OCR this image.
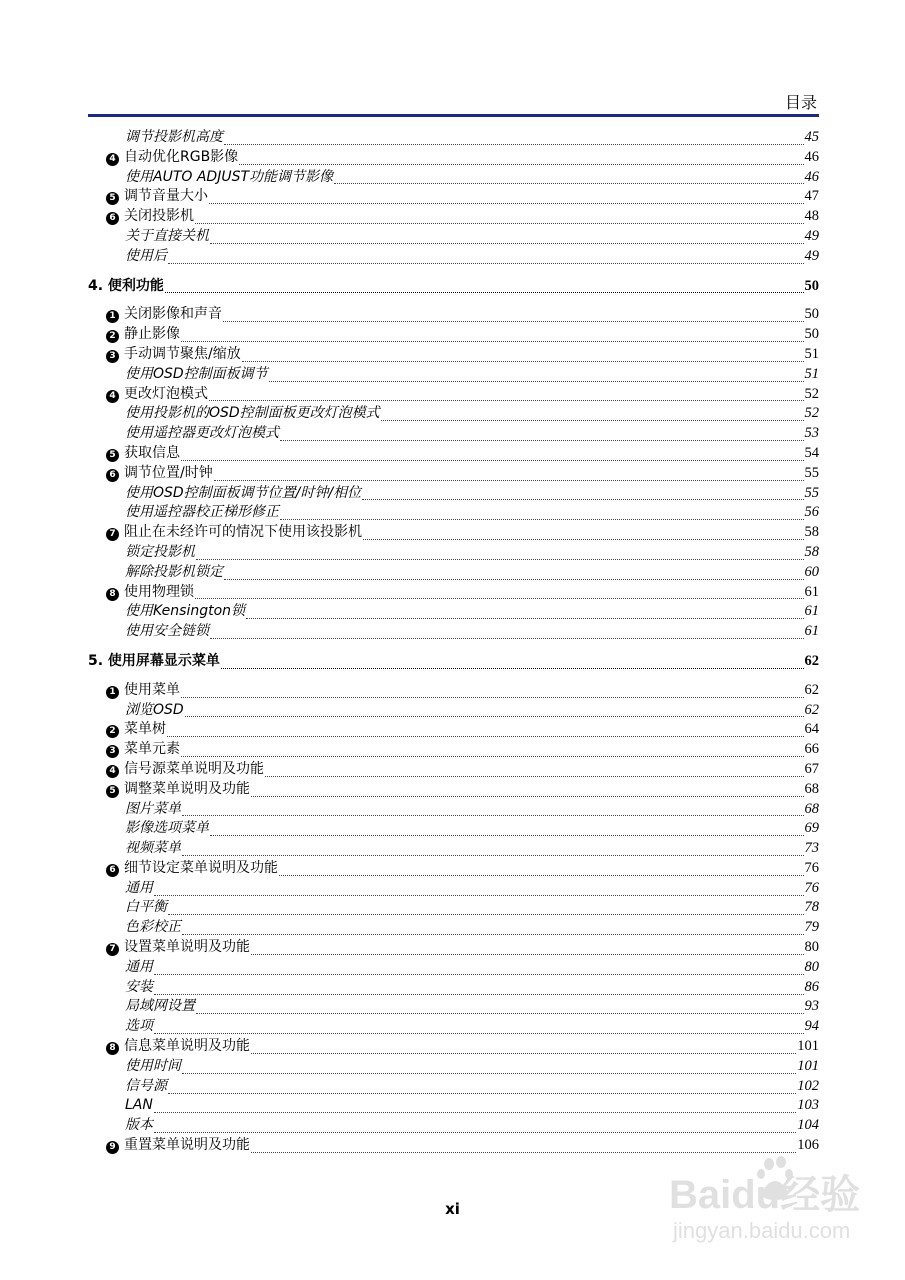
目录
调节投影机高度	45
4 自动优化RGB影像	46
使用AUTO ADJUST功能调节影像	46
5 调节音量大小	47
6 关闭投影机	48
关于直接关机	49
使用后	49
4. 便利功能	50
1 关闭影像和声音	50
2 静止影像	50
3 手动调节聚焦/缩放	51
使用OSD控制面板调节	51
4 更改灯泡模式	52
使用投影机的OSD控制面板更改灯泡模式	52
使用遥控器更改灯泡模式	53
5 获取信息	54
6 调节位置/时钟	55
使用OSD控制面板调节位置/时钟/相位	55
使用遥控器校正梯形修正	56
7 阻止在未经许可的情况下使用该投影机	58
锁定投影机	58
解除投影机锁定	60
8 使用物理锁	61
使用Kensington锁	61
使用安全链锁	61
5. 使用屏幕显示菜单	62
1 使用菜单	62
浏览OSD	62
2 菜单树	64
3 菜单元素	66
4 信号源菜单说明及功能	67
5 调整菜单说明及功能	68
图片菜单	68
影像选项菜单	69
视频菜单	73
6 细节设定菜单说明及功能	76
通用	76
白平衡	78
色彩校正	79
7 设置菜单说明及功能	80
通用	80
安装	86
局域网设置	93
选项	94
8 信息菜单说明及功能	101
使用时间	101
信号源	102
LAN	103
版本	104
9 重置菜单说明及功能	106
xi	Baidu经验
jingyan.baidu.com
